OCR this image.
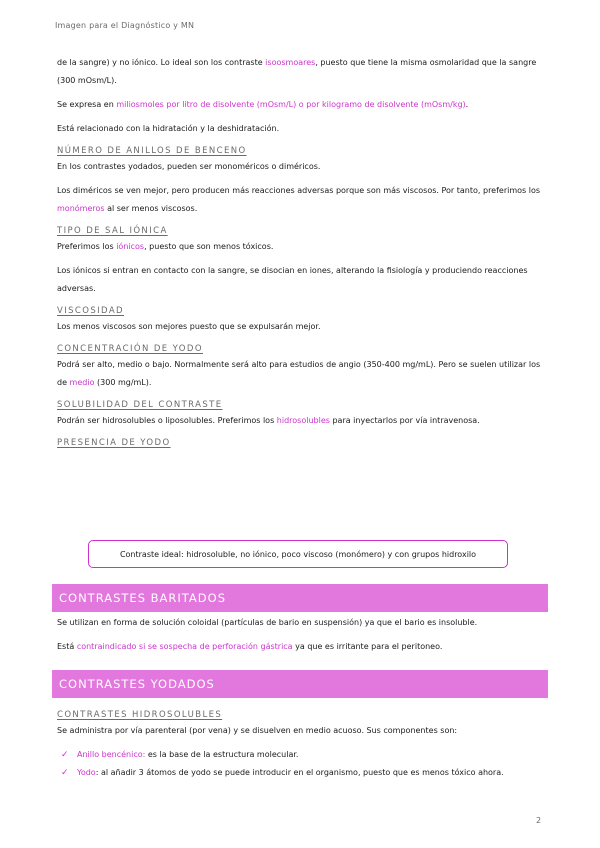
Imagen para el Diagnóstico y MN

de la sangre) y no iónico. Lo ideal son los contraste isoosmoares, puesto que tiene la misma osmolaridad que la sangre (300 mOsm/L).

Se expresa en miliosmoles por litro de disolvente (mOsm/L) o por kilogramo de disolvente (mOsm/kg).

Está relacionado con la hidratación y la deshidratación.

NÚMERO DE ANILLOS DE BENCENO

En los contrastes yodados, pueden ser monoméricos o diméricos.

Los diméricos se ven mejor, pero producen más reacciones adversas porque son más viscosos. Por tanto, preferimos los monómeros al ser menos viscosos.

TIPO DE SAL IÓNICA

Preferimos los iónicos, puesto que son menos tóxicos.

Los iónicos si entran en contacto con la sangre, se disocian en iones, alterando la fisiología y produciendo reacciones adversas.

VISCOSIDAD

Los menos viscosos son mejores puesto que se expulsarán mejor.

CONCENTRACIÓN DE YODO

Podrá ser alto, medio o bajo. Normalmente será alto para estudios de angio (350-400 mg/mL). Pero se suelen utilizar los de medio (300 mg/mL).

SOLUBILIDAD DEL CONTRASTE

Podrán ser hidrosolubles o liposolubles. Preferimos los hidrosolubles para inyectarlos por vía intravenosa.

PRESENCIA DE YODO

Contraste ideal: hidrosoluble, no iónico, poco viscoso (monómero) y con grupos hidroxilo
CONTRASTES BARITADOS

Se utilizan en forma de solución coloidal (partículas de bario en suspensión) ya que el bario es insoluble.

Está contraindicado si se sospecha de perforación gástrica ya que es irritante para el peritoneo.

CONTRASTES YODADOS

CONTRASTES HIDROSOLUBLES

Se administra por vía parenteral (por vena) y se disuelven en medio acuoso. Sus componentes son:

✓	Anillo bencénico: es la base de la estructura molecular.
✓	Yodo: al añadir 3 átomos de yodo se puede introducir en el organismo, puesto que es menos tóxico ahora.
2
